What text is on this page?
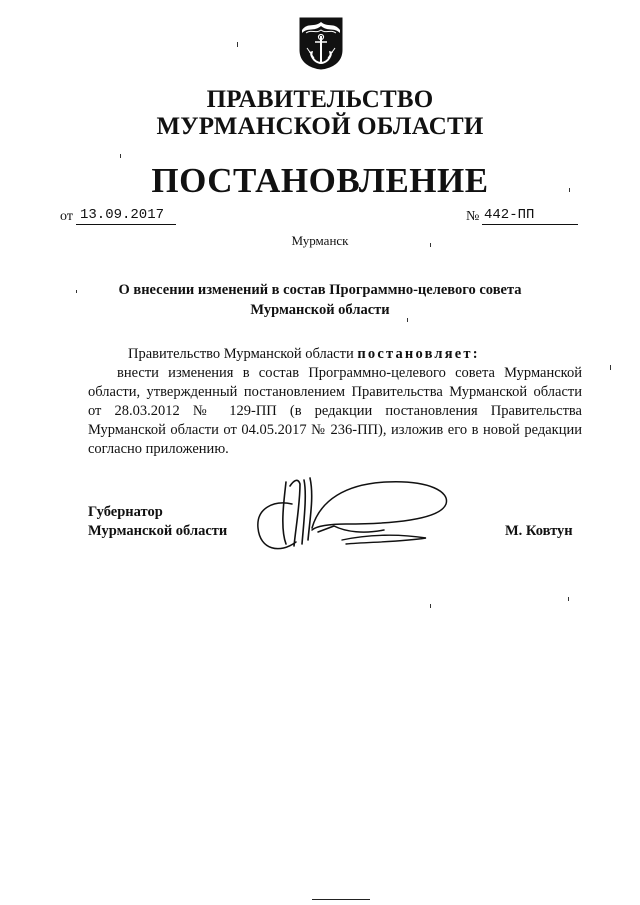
ПРАВИТЕЛЬСТВО
МУРМАНСКОЙ ОБЛАСТИ
ПОСТАНОВЛЕНИЕ
от 13.09.2017	№ 442-ПП
Мурманск
О внесении изменений в состав Программно-целевого совета
Мурманской области

Правительство Мурманской области постановляет:

внести изменения в состав Программно-целевого совета Мурманской области, утвержденный постановлением Правительства Мурманской области от 28.03.2012 № 129-ПП (в редакции постановления Правительства Мурманской области от 04.05.2017 № 236-ПП), изложив его в новой редакции согласно приложению.

Губернатор
Мурманской области	М. Ковтун
